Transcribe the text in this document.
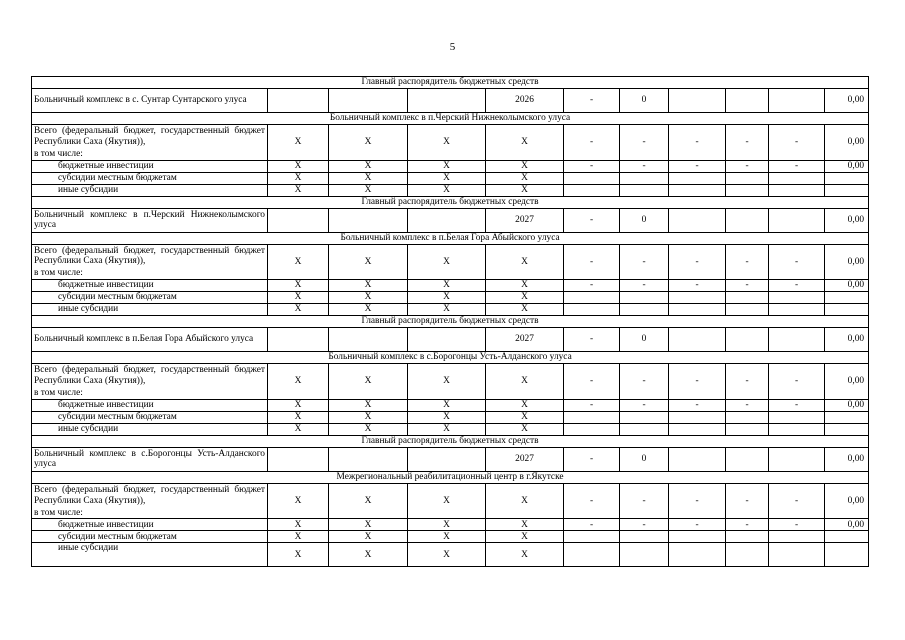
5
Главный распорядитель бюджетных средств										
Больничный комплекс в с. Сунтар Сунтарского улуса				2026	-	0				0,00
Больничный комплекс в п.Черский Нижнеколымского улуса										
Всего (федеральный бюджет, государственный бюджет Республики Саха (Якутия)),	X	X	X	X	-	-	-	-	-	0,00
в том числе:										
бюджетные инвестиции	X	X	X	X	-	-	-	-	-	0,00
субсидии местным бюджетам	X	X	X	X						
иные субсидии	X	X	X	X						
Главный распорядитель бюджетных средств										
Больничный комплекс в п.Черский Нижнеколымского улуса				2027	-	0				0,00
Больничный комплекс в п.Белая Гора Абыйского улуса										
Всего (федеральный бюджет, государственный бюджет Республики Саха (Якутия)),	X	X	X	X	-	-	-	-	-	0,00
в том числе:										
бюджетные инвестиции	X	X	X	X	-	-	-	-	-	0,00
субсидии местным бюджетам	X	X	X	X						
иные субсидии	X	X	X	X						
Главный распорядитель бюджетных средств										
Больничный комплекс в п.Белая Гора Абыйского улуса				2027	-	0				0,00
Больничный комплекс в с.Борогонцы Усть-Алданского улуса										
Всего (федеральный бюджет, государственный бюджет Республики Саха (Якутия)),	X	X	X	X	-	-	-	-	-	0,00
в том числе:										
бюджетные инвестиции	X	X	X	X	-	-	-	-	-	0,00
субсидии местным бюджетам	X	X	X	X						
иные субсидии	X	X	X	X						
Главный распорядитель бюджетных средств										
Больничный комплекс в с.Борогонцы Усть-Алданского улуса				2027	-	0				0,00
Межрегиональный реабилитационный центр в г.Якутске										
Всего (федеральный бюджет, государственный бюджет Республики Саха (Якутия)),	X	X	X	X	-	-	-	-	-	0,00
в том числе:										
бюджетные инвестиции	X	X	X	X	-	-	-	-	-	0,00
субсидии местным бюджетам	X	X	X	X						
иные субсидии	X	X	X	X						
